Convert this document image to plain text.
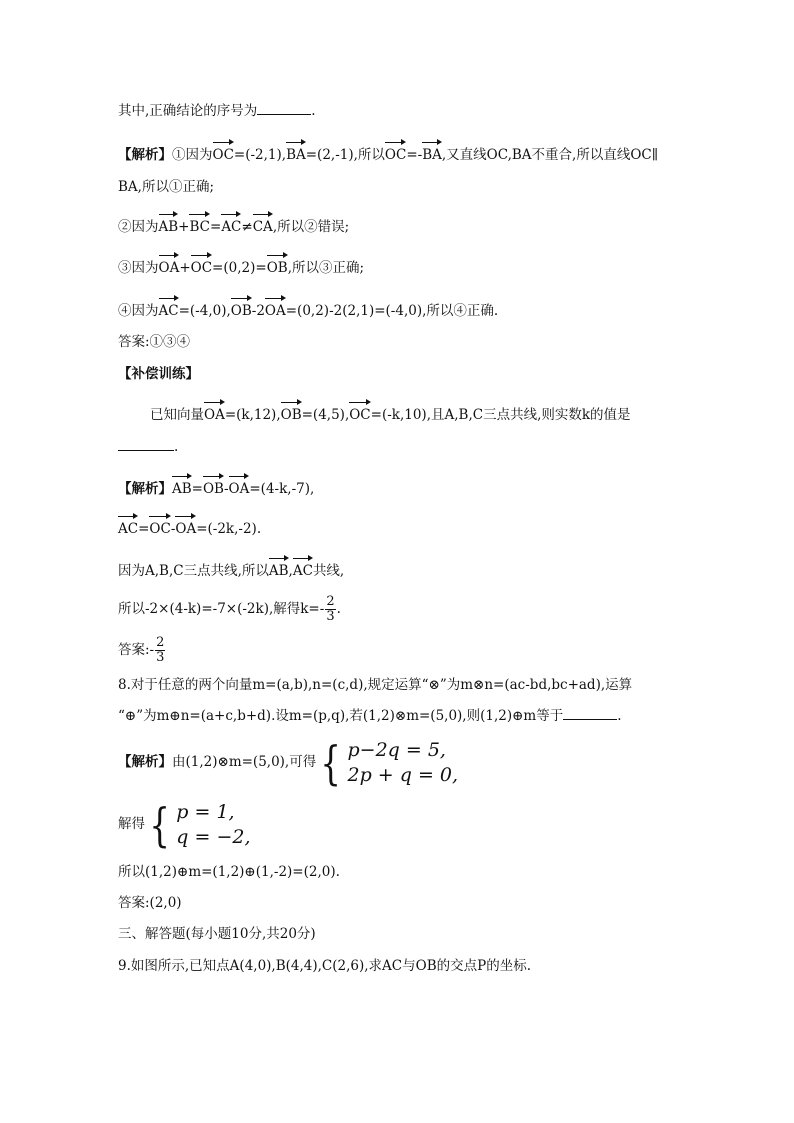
其中,正确结论的序号为	.
【解析】①因为OC=(-2,1),BA=(2,-1),所以OC=-BA,又直线OC,BA不重合,所以直线OC∥
BA,所以①正确;
②因为AB+BC=AC≠CA,所以②错误;
③因为OA+OC=(0,2)=OB,所以③正确;
④因为AC=(-4,0),OB-2OA=(0,2)-2(2,1)=(-4,0),所以④正确.
答案:①③④
【补偿训练】
已知向量OA=(k,12),OB=(4,5),OC=(-k,10),且A,B,C三点共线,则实数k的值是
.
【解析】AB=OB-OA=(4-k,-7),
AC=OC-OA=(-2k,-2).
因为A,B,C三点共线,所以AB,AC共线,
所以-2×(4-k)=-7×(-2k),解得$k=- \frac{2}{3}$ .
答案:- $\frac{2}{3}$
8.对于任意的两个向量m=(a,b),n=(c,d),规定运算“⊗”为m⊗n=(ac-bd,bc+ad),运算
“⊕”为m⊕n=(a+c,b+d).设m=(p,q),若(1,2)⊗m=(5,0),则(1,2)⊕m等于	.
【解析】由(1,2)⊗m=(5,0),可得 { p−2q = 5,
2p + q = 0,
解得 { p = 1,
q = −2,
所以(1,2)⊕m=(1,2)⊕(1,-2)=(2,0).
答案:(2,0)
三、解答题(每小题10分,共20分)
9.如图所示,已知点A(4,0),B(4,4),C(2,6),求AC与OB的交点P的坐标.
